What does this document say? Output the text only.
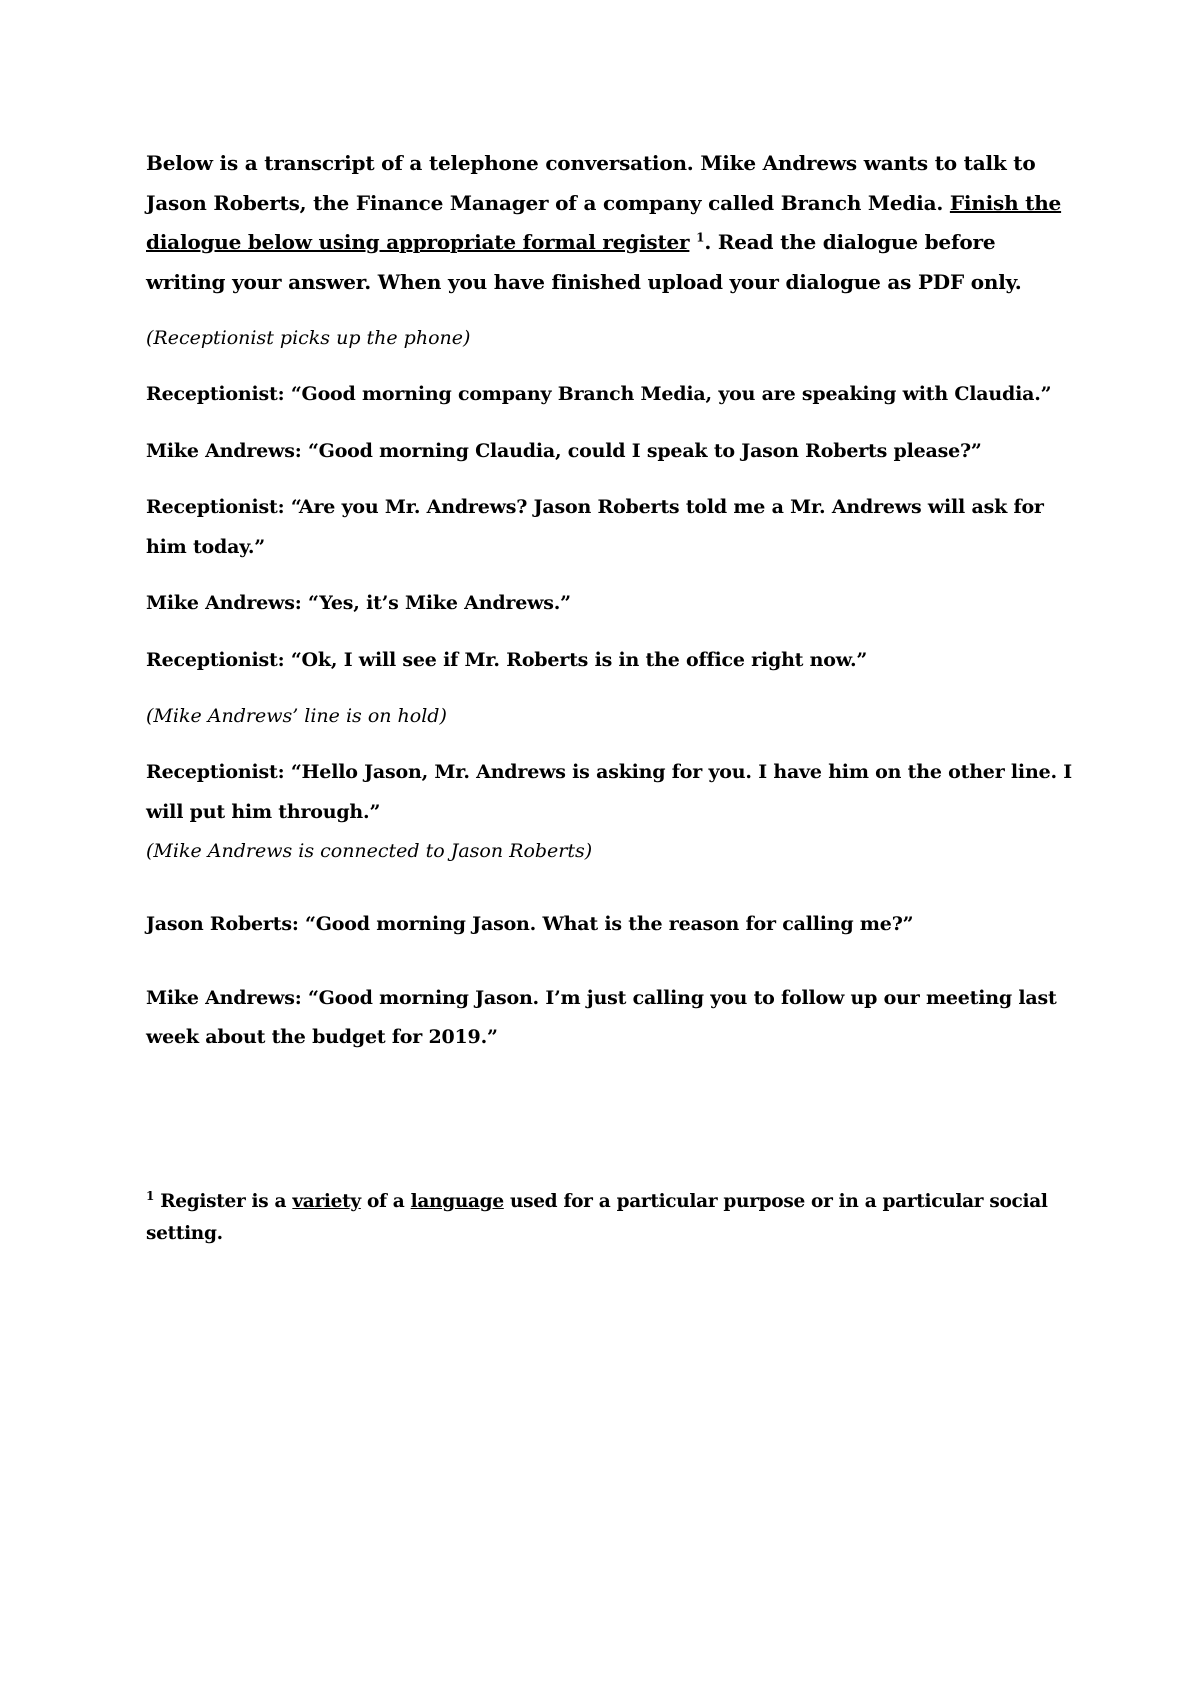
Below is a transcript of a telephone conversation. Mike Andrews wants to talk to Jason Roberts, the Finance Manager of a company called Branch Media. Finish the dialogue below using appropriate formal register $^1$. Read the dialogue before writing your answer. When you have finished upload your dialogue as PDF only.

(Receptionist picks up the phone)

Receptionist: “Good morning company Branch Media, you are speaking with Claudia.”

Mike Andrews: “Good morning Claudia, could I speak to Jason Roberts please?”

Receptionist: “Are you Mr. Andrews? Jason Roberts told me a Mr. Andrews will ask for him today.”

Mike Andrews: “Yes, it’s Mike Andrews.”

Receptionist: “Ok, I will see if Mr. Roberts is in the office right now.”

(Mike Andrews’ line is on hold)

Receptionist: “Hello Jason, Mr. Andrews is asking for you. I have him on the other line. I will put him through.”

(Mike Andrews is connected to Jason Roberts)

Jason Roberts: “Good morning Jason. What is the reason for calling me?”

Mike Andrews: “Good morning Jason. I’m just calling you to follow up our meeting last week about the budget for 2019.”

$^1$ Register is a variety of a language used for a particular purpose or in a particular social setting.
